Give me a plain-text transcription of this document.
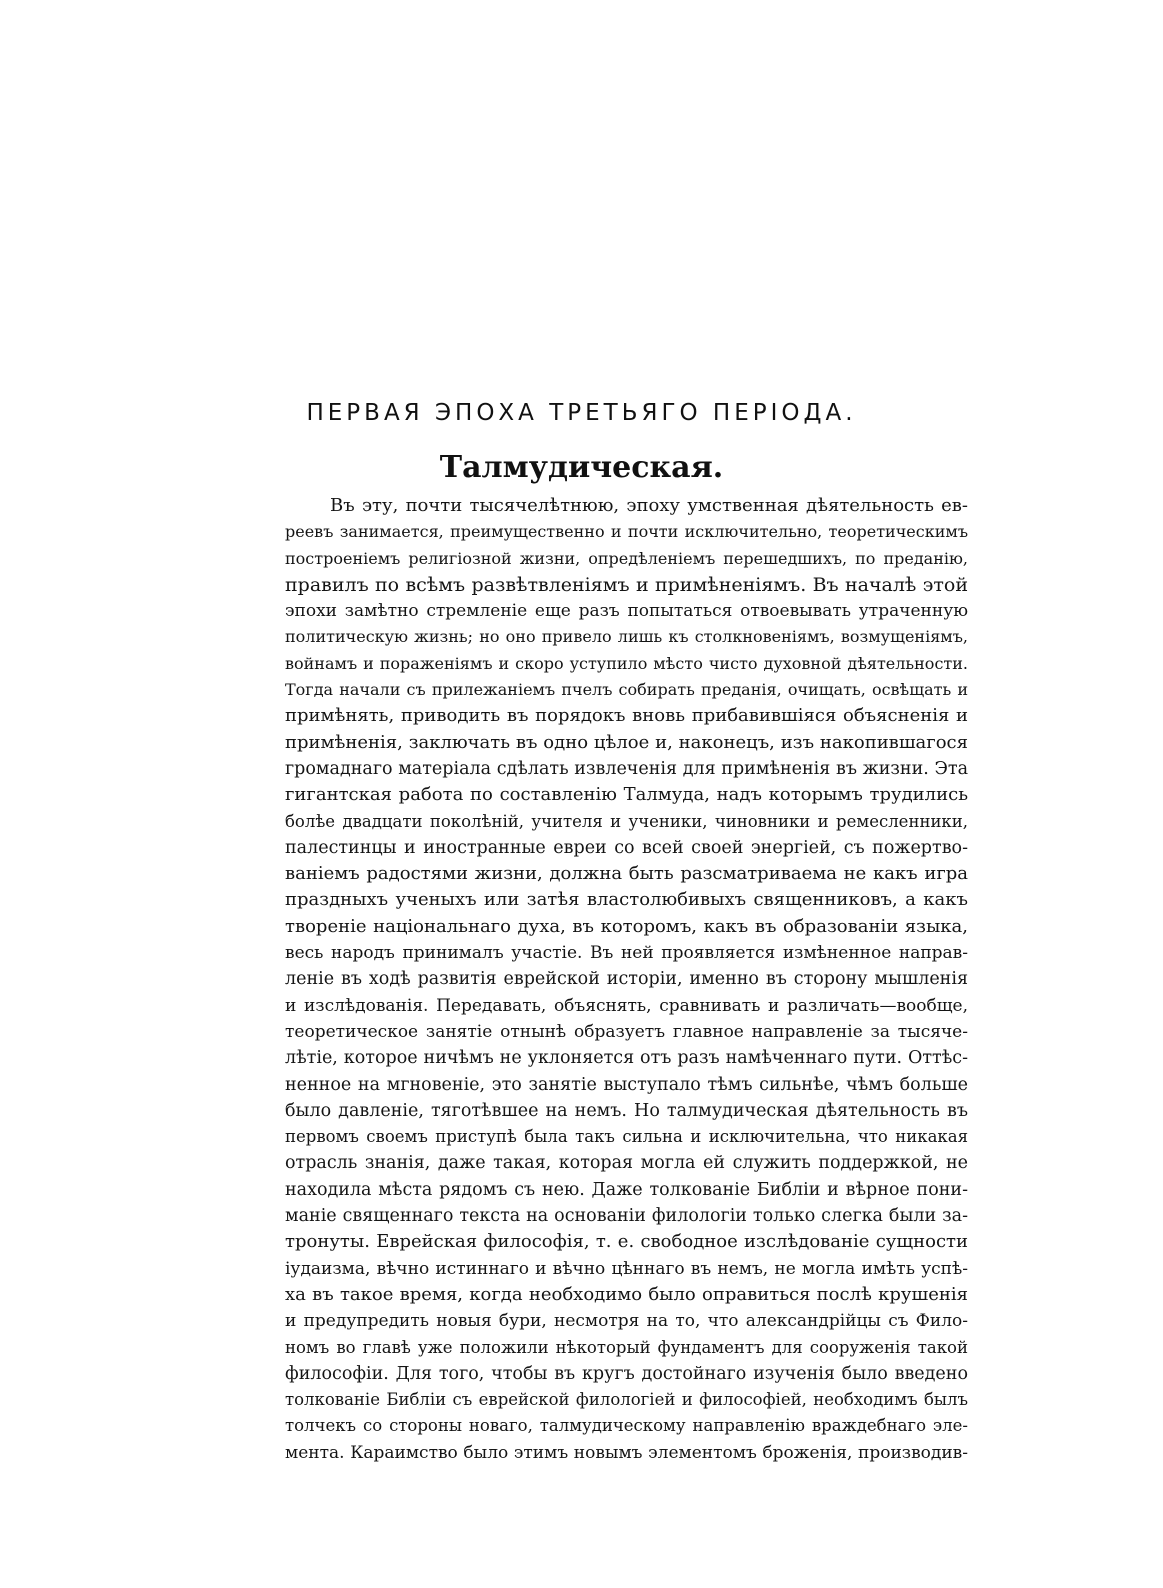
ПЕРВАЯ ЭПОХА ТРЕТЬЯГО ПЕРІОДА.
Талмудическая.
Въ эту, почти тысячелѣтнюю, эпоху умственная дѣятельность ев-
реевъ занимается, преимущественно и почти исключительно, теоретическимъ
построеніемъ религіозной жизни, опредѣленіемъ перешедшихъ, по преданію,
правилъ по всѣмъ развѣтвленіямъ и примѣненіямъ. Въ началѣ этой
эпохи замѣтно стремленіе еще разъ попытаться отвоевывать утраченную
политическую жизнь; но оно привело лишь къ столкновеніямъ, возмущеніямъ,
войнамъ и пораженіямъ и скоро уступило мѣсто чисто духовной дѣятельности.
Тогда начали съ прилежаніемъ пчелъ собирать преданія, очищать, освѣщать и
примѣнять, приводить въ порядокъ вновь прибавившіяся объясненія и
примѣненія, заключать въ одно цѣлое и, наконецъ, изъ накопившагося
громаднаго матеріала сдѣлать извлеченія для примѣненія въ жизни. Эта
гигантская работа по составленію Талмуда, надъ которымъ трудились
болѣе двадцати поколѣній, учителя и ученики, чиновники и ремесленники,
палестинцы и иностранные евреи со всей своей энергіей, съ пожертво-
ваніемъ радостями жизни, должна быть разсматриваема не какъ игра
праздныхъ ученыхъ или затѣя властолюбивыхъ священниковъ, а какъ
твореніе національнаго духа, въ которомъ, какъ въ образованіи языка,
весь народъ принималъ участіе. Въ ней проявляется измѣненное направ-
леніе въ ходѣ развитія еврейской исторіи, именно въ сторону мышленія
и изслѣдованія. Передавать, объяснять, сравнивать и различать—вообще,
теоретическое занятіе отнынѣ образуетъ главное направленіе за тысяче-
лѣтіе, которое ничѣмъ не уклоняется отъ разъ намѣченнаго пути. Оттѣс-
ненное на мгновеніе, это занятіе выступало тѣмъ сильнѣе, чѣмъ больше
было давленіе, тяготѣвшее на немъ. Но талмудическая дѣятельность въ
первомъ своемъ приступѣ была такъ сильна и исключительна, что никакая
отрасль знанія, даже такая, которая могла ей служить поддержкой, не
находила мѣста рядомъ съ нею. Даже толкованіе Библіи и вѣрное пони-
маніе священнаго текста на основаніи филологіи только слегка были за-
тронуты. Еврейская философія, т. е. свободное изслѣдованіе сущности
іудаизма, вѣчно истиннаго и вѣчно цѣннаго въ немъ, не могла имѣть успѣ-
ха въ такое время, когда необходимо было оправиться послѣ крушенія
и предупредить новыя бури, несмотря на то, что александрійцы съ Фило-
номъ во главѣ уже положили нѣкоторый фундаментъ для сооруженія такой
философіи. Для того, чтобы въ кругъ достойнаго изученія было введено
толкованіе Библіи съ еврейской филологіей и философіей, необходимъ былъ
толчекъ со стороны новаго, талмудическому направленію враждебнаго эле-
мента. Караимство было этимъ новымъ элементомъ броженія, производив-
